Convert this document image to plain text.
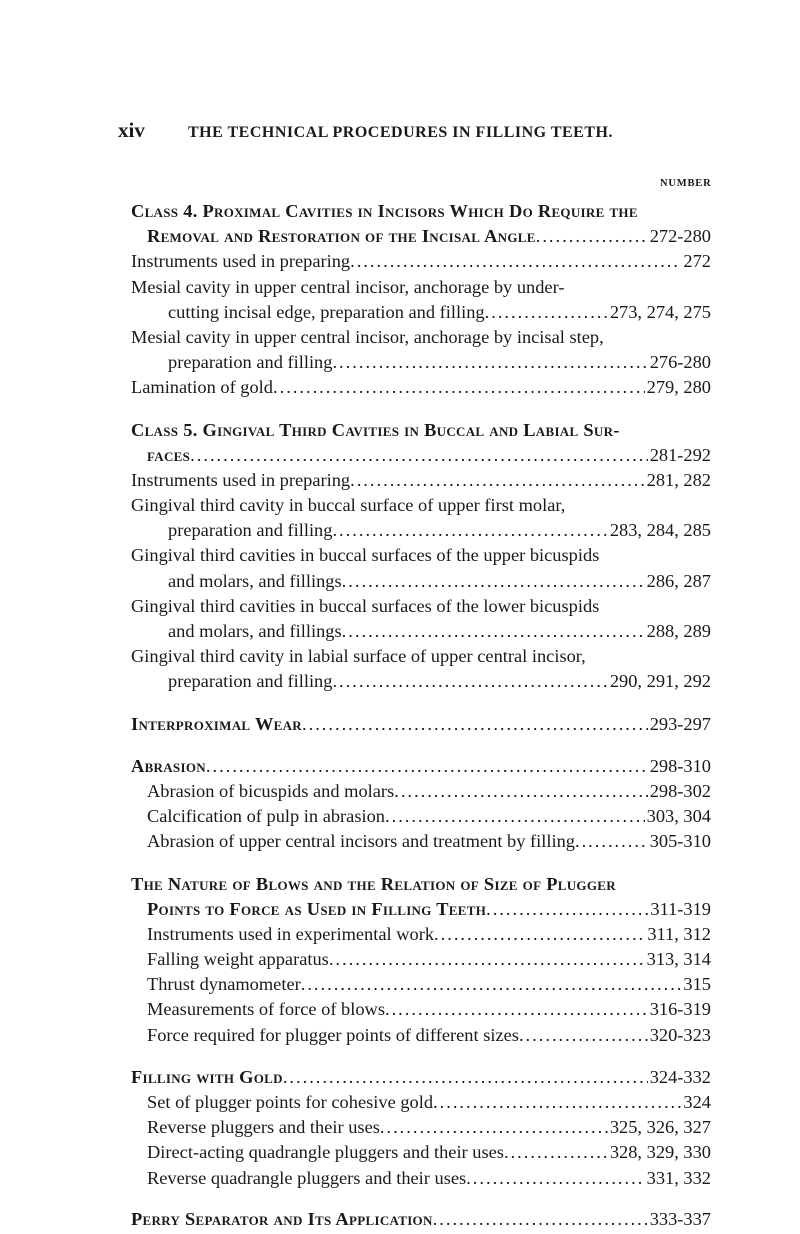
xiv	THE TECHNICAL PROCEDURES IN FILLING TEETH.
NUMBER
Class 4. Proximal Cavities in Incisors Which Do Require the
Removal and Restoration of the Incisal Angle .....	272-280
Instruments used in preparing .....	272
Mesial cavity in upper central incisor, anchorage by under-
cutting incisal edge, preparation and filling .....	273, 274, 275
Mesial cavity in upper central incisor, anchorage by incisal step,
preparation and filling .....	276-280
Lamination of gold .....	279, 280
Class 5. Gingival Third Cavities in Buccal and Labial Sur-
faces .....	281-292
Instruments used in preparing .....	281, 282
Gingival third cavity in buccal surface of upper first molar,
preparation and filling .....	283, 284, 285
Gingival third cavities in buccal surfaces of the upper bicuspids
and molars, and fillings .....	286, 287
Gingival third cavities in buccal surfaces of the lower bicuspids
and molars, and fillings .....	288, 289
Gingival third cavity in labial surface of upper central incisor,
preparation and filling .....	290, 291, 292
Interproximal Wear .....	293-297
Abrasion .....	298-310
Abrasion of bicuspids and molars .....	298-302
Calcification of pulp in abrasion .....	303, 304
Abrasion of upper central incisors and treatment by filling .....	305-310
The Nature of Blows and the Relation of Size of Plugger
Points to Force as Used in Filling Teeth .....	311-319
Instruments used in experimental work .....	311, 312
Falling weight apparatus .....	313, 314
Thrust dynamometer .....	315
Measurements of force of blows .....	316-319
Force required for plugger points of different sizes .....	320-323
Filling with Gold .....	324-332
Set of plugger points for cohesive gold .....	324
Reverse pluggers and their uses .....	325, 326, 327
Direct-acting quadrangle pluggers and their uses .....	328, 329, 330
Reverse quadrangle pluggers and their uses .....	331, 332
Perry Separator and Its Application .....	333-337
